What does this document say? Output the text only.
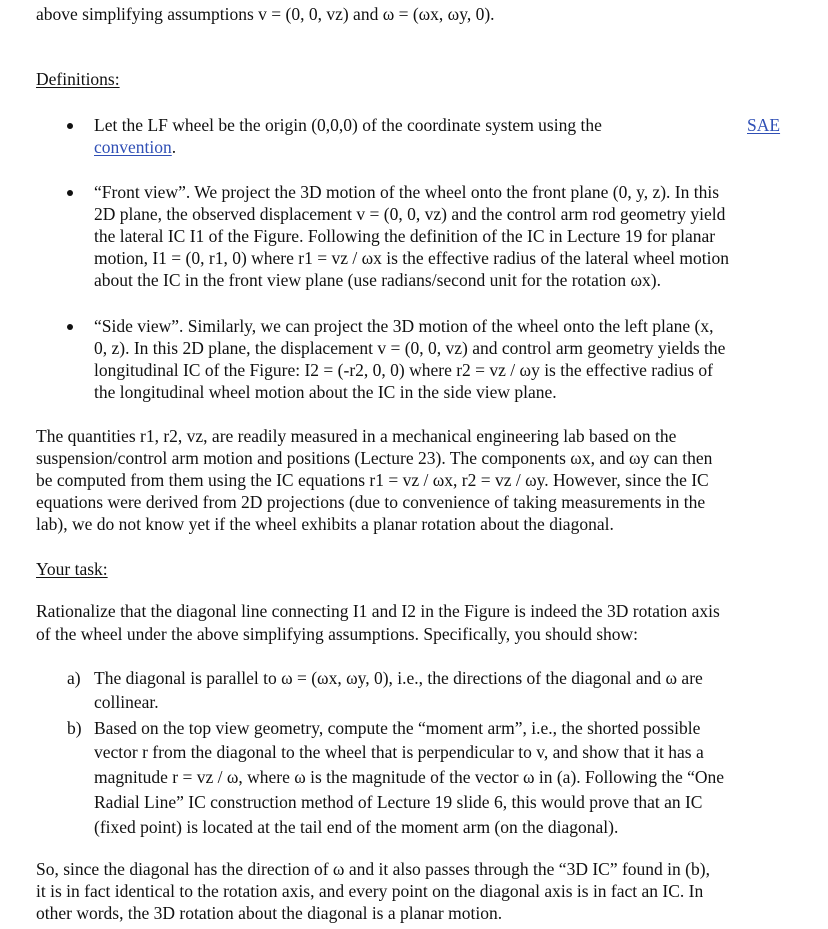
above simplifying assumptions v = (0, 0, vz) and ω = (ωx, ωy, 0).
Definitions:
Let the LF wheel be the origin (0,0,0) of the coordinate system using the	SAE
convention.
“Front view”. We project the 3D motion of the wheel onto the front plane (0, y, z). In this
2D plane, the observed displacement v = (0, 0, vz) and the control arm rod geometry yield
the lateral IC I1 of the Figure. Following the definition of the IC in Lecture 19 for planar
motion, I1 = (0, r1, 0) where r1 = vz / ωx is the effective radius of the lateral wheel motion
about the IC in the front view plane (use radians/second unit for the rotation ωx).
“Side view”. Similarly, we can project the 3D motion of the wheel onto the left plane (x,
0, z). In this 2D plane, the displacement v = (0, 0, vz) and control arm geometry yields the
longitudinal IC of the Figure: I2 = (-r2, 0, 0) where r2 = vz / ωy is the effective radius of
the longitudinal wheel motion about the IC in the side view plane.
The quantities r1, r2, vz, are readily measured in a mechanical engineering lab based on the
suspension/control arm motion and positions (Lecture 23). The components ωx, and ωy can then
be computed from them using the IC equations r1 = vz / ωx, r2 = vz / ωy. However, since the IC
equations were derived from 2D projections (due to convenience of taking measurements in the
lab), we do not know yet if the wheel exhibits a planar rotation about the diagonal.
Your task:
Rationalize that the diagonal line connecting I1 and I2 in the Figure is indeed the 3D rotation axis
of the wheel under the above simplifying assumptions. Specifically, you should show:
a) The diagonal is parallel to ω = (ωx, ωy, 0), i.e., the directions of the diagonal and ω are
collinear.
b) Based on the top view geometry, compute the “moment arm”, i.e., the shorted possible
vector r from the diagonal to the wheel that is perpendicular to v, and show that it has a
magnitude r = vz / ω, where ω is the magnitude of the vector ω in (a). Following the “One
Radial Line” IC construction method of Lecture 19 slide 6, this would prove that an IC
(fixed point) is located at the tail end of the moment arm (on the diagonal).
So, since the diagonal has the direction of ω and it also passes through the “3D IC” found in (b),
it is in fact identical to the rotation axis, and every point on the diagonal axis is in fact an IC. In
other words, the 3D rotation about the diagonal is a planar motion.
